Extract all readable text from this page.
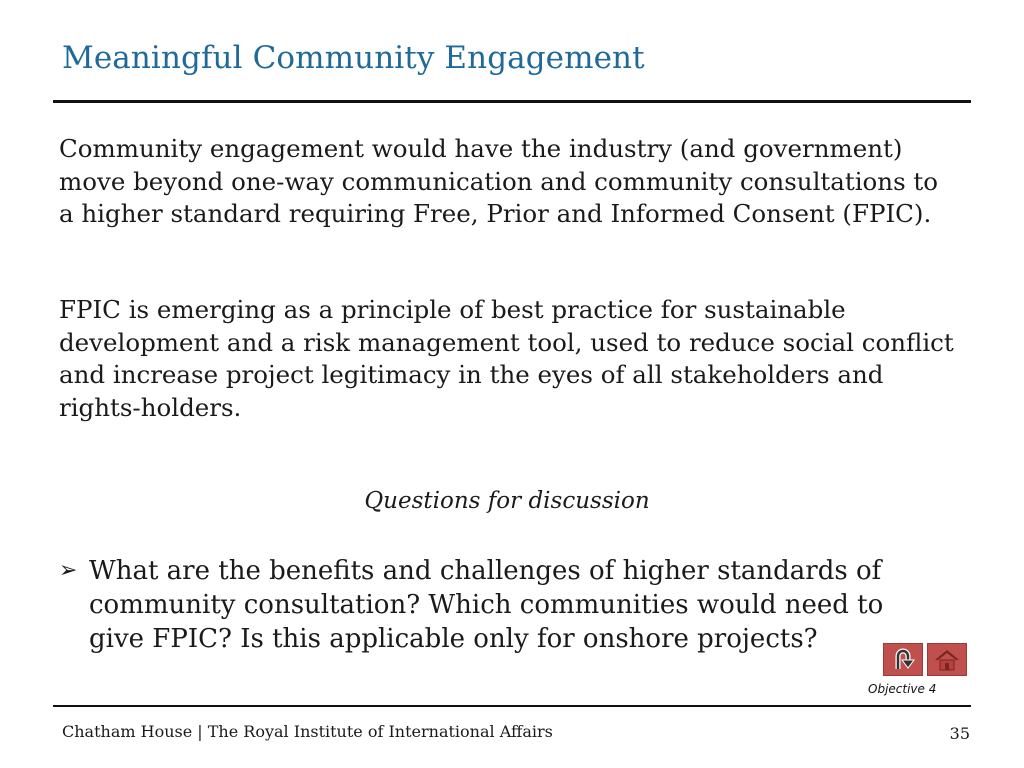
Meaningful Community Engagement

Community engagement would have the industry (and government) move beyond one-way communication and community consultations to a higher standard requiring Free, Prior and Informed Consent (FPIC).

FPIC is emerging as a principle of best practice for sustainable development and a risk management tool, used to reduce social conflict and increase project legitimacy in the eyes of all stakeholders and rights-holders.

Questions for discussion
➢ What are the benefits and challenges of higher standards of community consultation? Which communities would need to give FPIC? Is this applicable only for onshore projects?
Objective 4
Chatham House | The Royal Institute of International Affairs	35
